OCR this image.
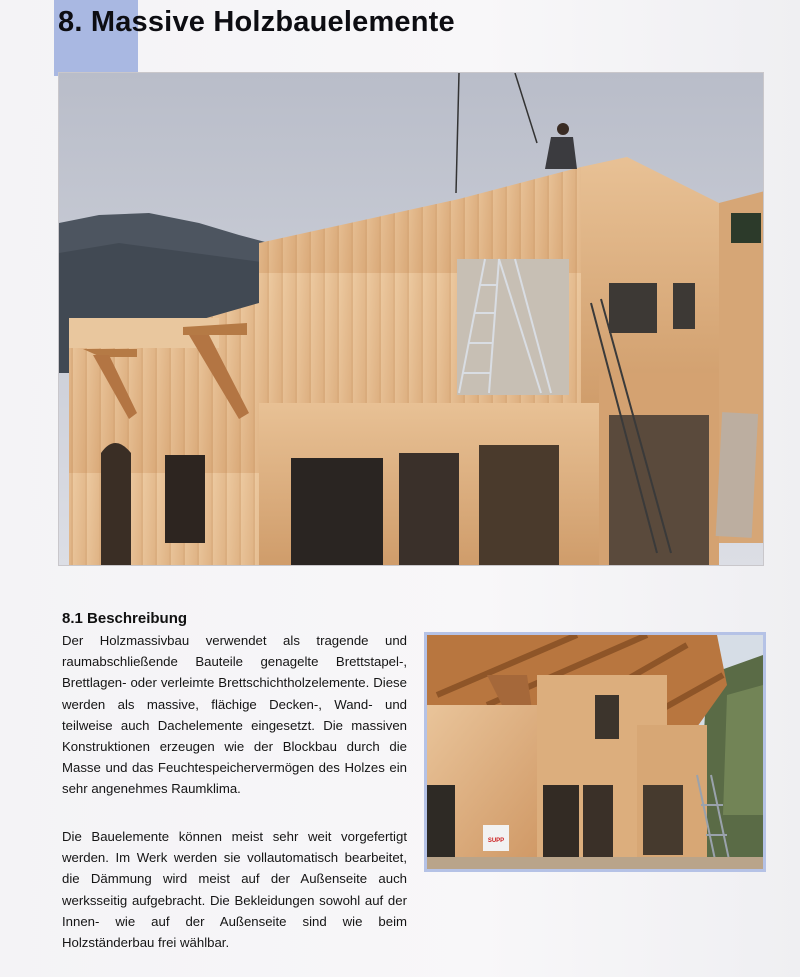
8. Massive Holzbauelemente
8.1 Beschreibung

Der Holzmassivbau verwendet als tragende und raumabschließende Bauteile genagelte Brettstapel-, Brettlagen- oder verleimte Brettschichtholzelemente. Diese werden als massive, flächige Decken-, Wand- und teilweise auch Dachelemente eingesetzt. Die massiven Konstruktionen erzeugen wie der Blockbau durch die Masse und das Feuchtespeichervermögen des Holzes ein sehr angenehmes Raumklima.

Die Bauelemente können meist sehr weit vorgefertigt werden. Im Werk werden sie vollautomatisch bearbeitet, die Dämmung wird meist auf der Außenseite auch werksseitig aufgebracht. Die Bekleidungen sowohl auf der Innen- wie auf der Außenseite sind wie beim Holzständerbau frei wählbar.

SUPP
